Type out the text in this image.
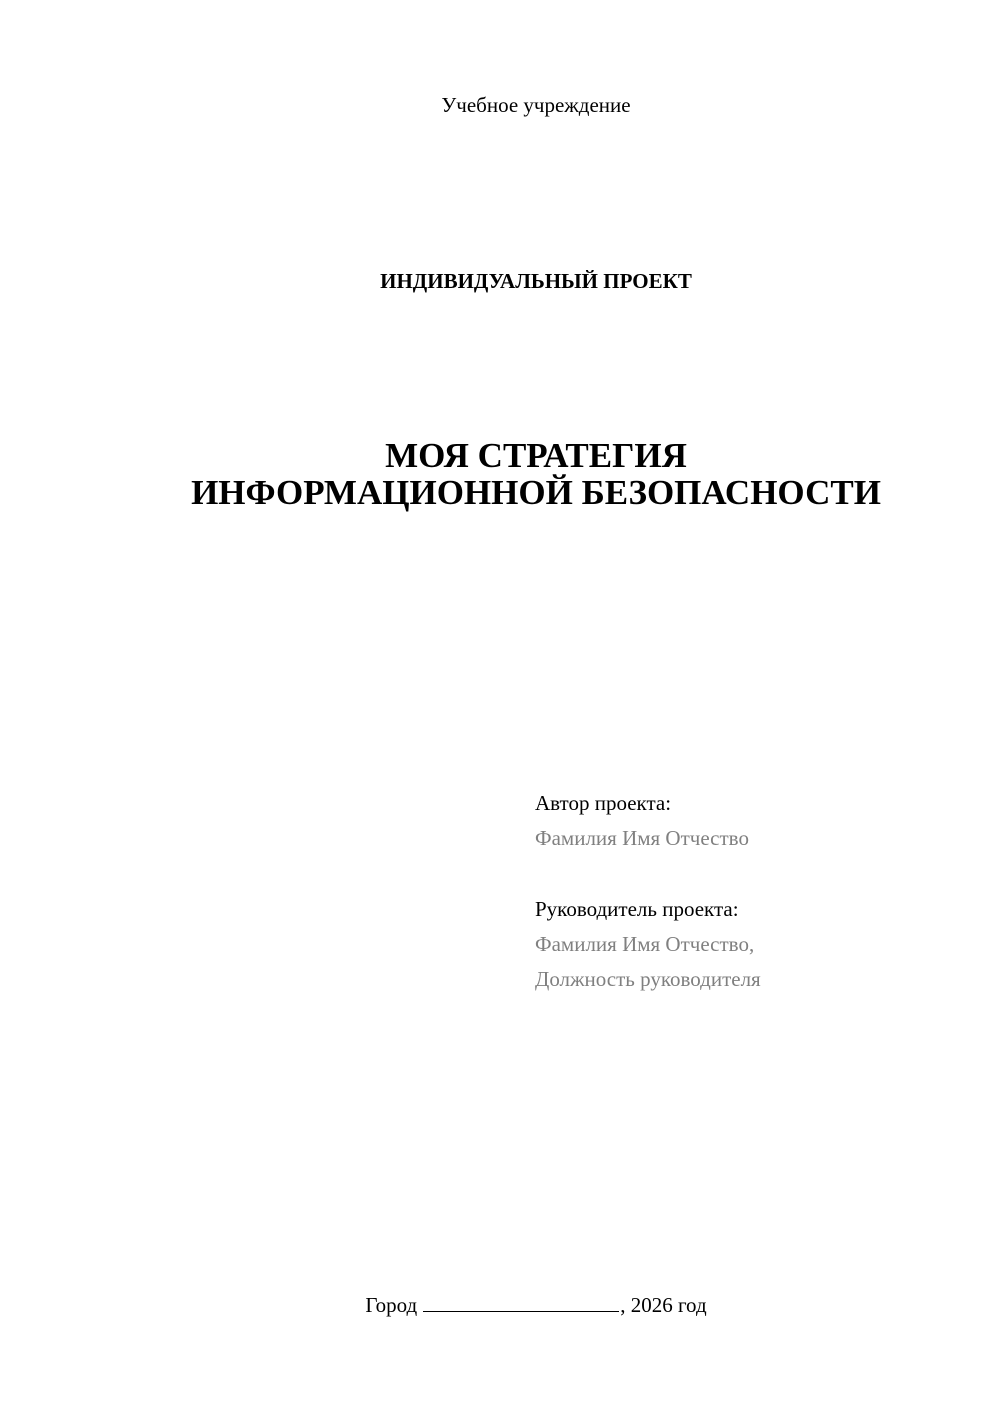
Учебное учреждение
ИНДИВИДУАЛЬНЫЙ ПРОЕКТ
МОЯ СТРАТЕГИЯ
ИНФОРМАЦИОННОЙ БЕЗОПАСНОСТИ
Автор проекта:
Фамилия Имя Отчество
Руководитель проекта:
Фамилия Имя Отчество,
Должность руководителя
Город	, 2026 год
